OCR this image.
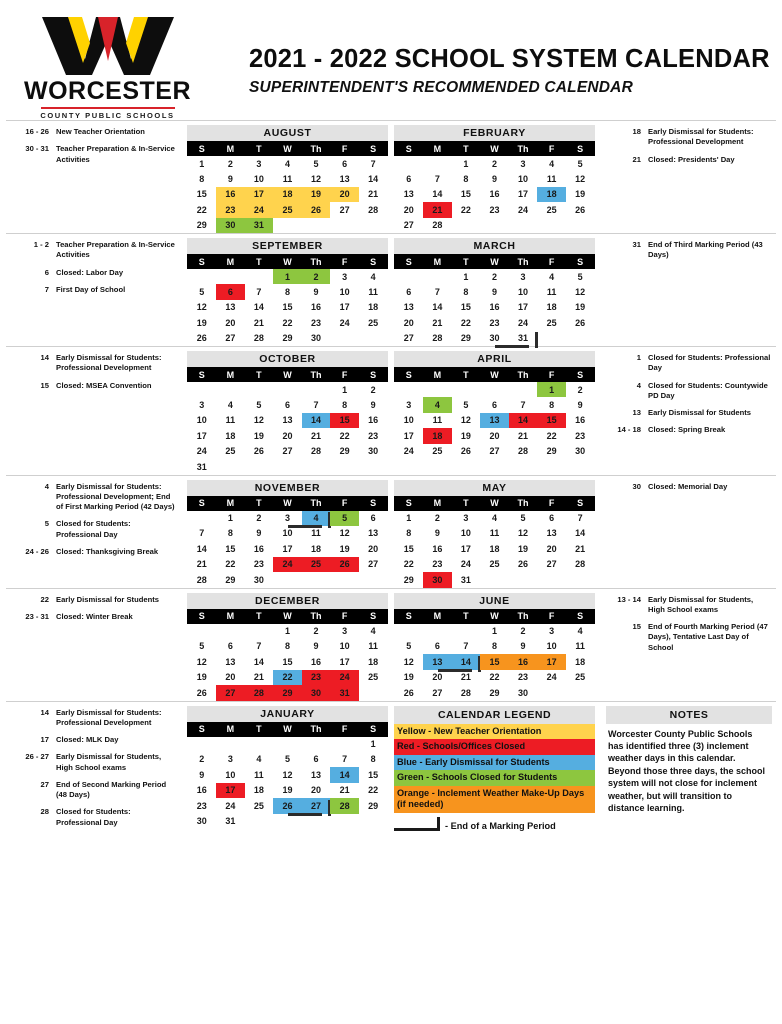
WORCESTER
COUNTY PUBLIC SCHOOLS
2021 - 2022 SCHOOL SYSTEM CALENDAR
SUPERINTENDENT'S RECOMMENDED CALENDAR
16 - 26 New Teacher Orientation
30 - 31 Teacher Preparation & In-Service Activities
AUGUST
S	M	T	W	Th	F	S
1	2	3	4	5	6	7
8	9	10	11	12	13	14
15	16	17	18	19	20	21
22	23	24	25	26	27	28
29	30	31				
FEBRUARY
S	M	T	W	Th	F	S
		1	2	3	4	5
6	7	8	9	10	11	12
13	14	15	16	17	18	19
20	21	22	23	24	25	26
27	28					
18 Early Dismissal for Students: Professional Development
21 Closed: Presidents' Day
1 - 2 Teacher Preparation & In-Service Activities
6 Closed: Labor Day
7 First Day of School
SEPTEMBER
S	M	T	W	Th	F	S
			1	2	3	4
5	6	7	8	9	10	11
12	13	14	15	16	17	18
19	20	21	22	23	24	25
26	27	28	29	30		
MARCH
S	M	T	W	Th	F	S
		1	2	3	4	5
6	7	8	9	10	11	12
13	14	15	16	17	18	19
20	21	22	23	24	25	26
27	28	29	30	31		
31 End of Third Marking Period (43 Days)
14 Early Dismissal for Students: Professional Development
15 Closed: MSEA Convention
OCTOBER
S	M	T	W	Th	F	S
					1	2
3	4	5	6	7	8	9
10	11	12	13	14	15	16
17	18	19	20	21	22	23
24	25	26	27	28	29	30
31						
APRIL
S	M	T	W	Th	F	S
					1	2
3	4	5	6	7	8	9
10	11	12	13	14	15	16
17	18	19	20	21	22	23
24	25	26	27	28	29	30
1 Closed for Students: Professional Day
4 Closed for Students: Countywide PD Day
13 Early Dismissal for Students
14 - 18 Closed: Spring Break
4 Early Dismissal for Students: Professional Development; End of First Marking Period (42 Days)
5 Closed for Students: Professional Day
24 - 26 Closed: Thanksgiving Break
NOVEMBER
S	M	T	W	Th	F	S
	1	2	3	4	5	6
7	8	9	10	11	12	13
14	15	16	17	18	19	20
21	22	23	24	25	26	27
28	29	30				
MAY
S	M	T	W	Th	F	S
1	2	3	4	5	6	7
8	9	10	11	12	13	14
15	16	17	18	19	20	21
22	23	24	25	26	27	28
29	30	31				
30 Closed: Memorial Day
22 Early Dismissal for Students
23 - 31 Closed: Winter Break
DECEMBER
S	M	T	W	Th	F	S
			1	2	3	4
5	6	7	8	9	10	11
12	13	14	15	16	17	18
19	20	21	22	23	24	25
26	27	28	29	30	31	
JUNE
S	M	T	W	Th	F	S
			1	2	3	4
5	6	7	8	9	10	11
12	13	14	15	16	17	18
19	20	21	22	23	24	25
26	27	28	29	30		
13 - 14 Early Dismissal for Students, High School exams
15 End of Fourth Marking Period (47 Days), Tentative Last Day of School
14 Early Dismissal for Students: Professional Development
17 Closed: MLK Day
26 - 27 Early Dismissal for Students, High School exams
27 End of Second Marking Period (48 Days)
28 Closed for Students: Professional Day
JANUARY
S	M	T	W	Th	F	S
						1
2	3	4	5	6	7	8
9	10	11	12	13	14	15
16	17	18	19	20	21	22
23	24	25	26	27	28	29
30	31					
CALENDAR LEGEND
Yellow - New Teacher Orientation
Red - Schools/Offices Closed
Blue - Early Dismissal for Students
Green - Schools Closed for Students
Orange - Inclement Weather Make-Up Days (if needed)
- End of a Marking Period
NOTES
Worcester County Public Schools has identified three (3) inclement weather days in this calendar. Beyond those three days, the school system will not close for inclement weather, but will transition to distance learning.
